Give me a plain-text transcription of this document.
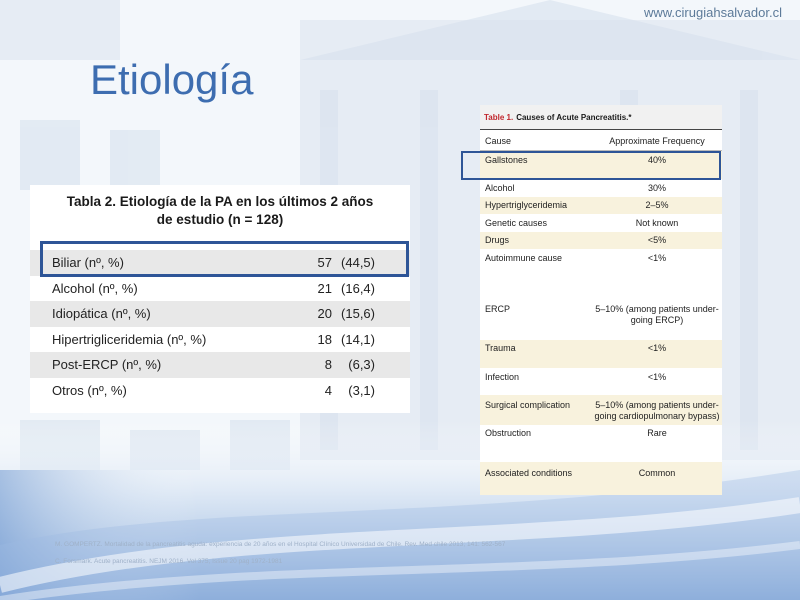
www.cirugiahsalvador.cl
Etiología
Tabla 2. Etiología de la PA en los últimos 2 años
de estudio (n = 128)
Biliar (nº, %)	57 (44,5)
Alcohol (nº, %)	21 (16,4)
Idiopática (nº, %)	20 (15,6)
Hipertrigliceridemia (nº, %)	18 (14,1)
Post-ERCP (nº, %)	8 (6,3)
Otros (nº, %)	4 (3,1)
Table 1. Causes of Acute Pancreatitis.*
Cause	Approximate Frequency
Gallstones	40%
Alcohol	30%
Hypertriglyceridemia	2–5%
Genetic causes	Not known
Drugs	<5%
Autoimmune cause	<1%
ERCP	5–10% (among patients under-
going ERCP)
Trauma	<1%
Infection	<1%
Surgical complication	5–10% (among patients under-
going cardiopulmonary bypass)
Obstruction	Rare
Associated conditions	Common
M. GOMPERTZ. Mortalidad de la pancreatitis aguda: experiencia de 20 años en el Hospital Clínico Universidad de Chile. Rev. Med chile 2013; 141: 562-567
C. Forsmark. Acute pancreatitis. NEJM 2016. Vol 375, Issue 20 pag 1972-1981
